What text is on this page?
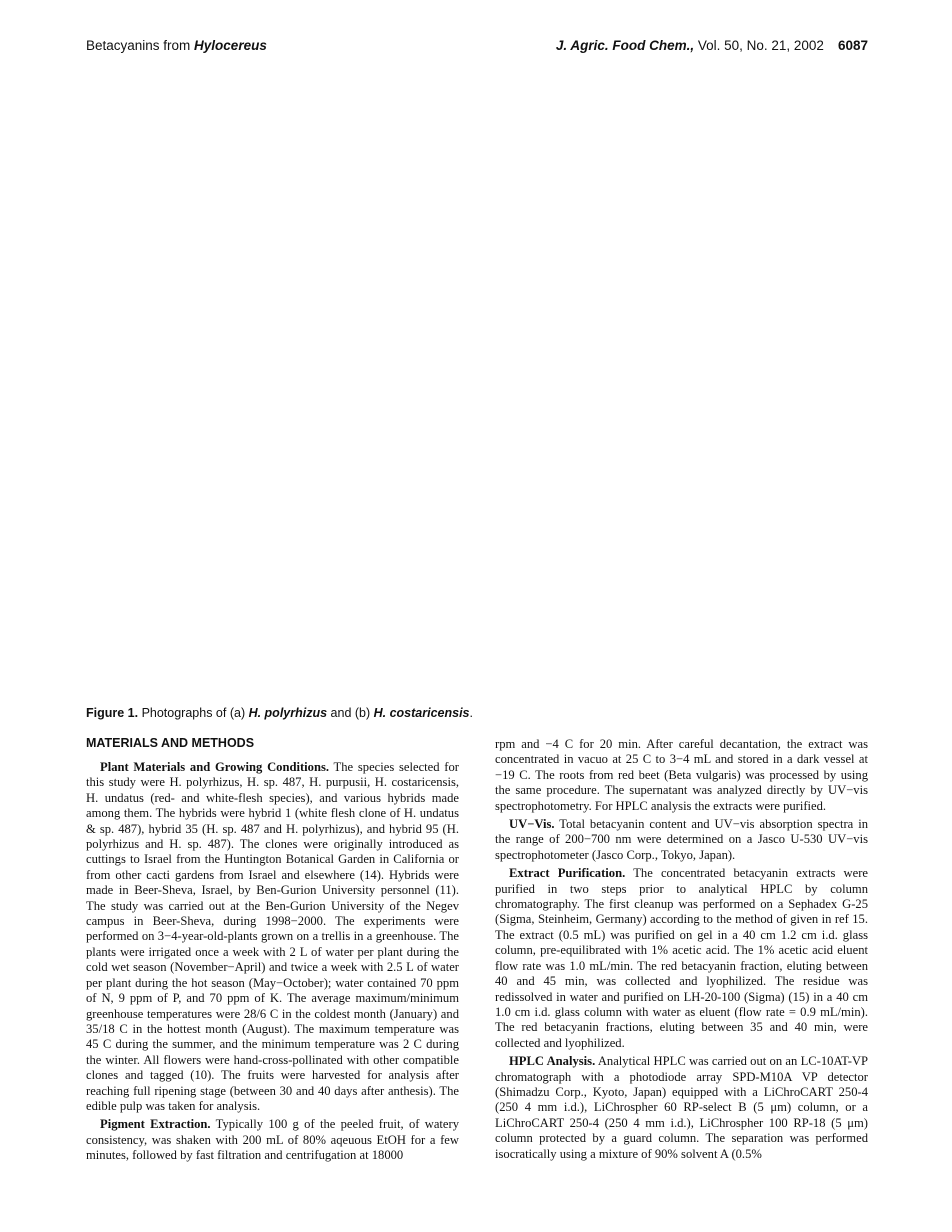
Betacyanins from Hylocereus	J. Agric. Food Chem., Vol. 50, No. 21, 2002 6087
Figure 1. Photographs of (a) H. polyrhizus and (b) H. costaricensis.
MATERIALS AND METHODS

Plant Materials and Growing Conditions. The species selected for this study were H. polyrhizus, H. sp. 487, H. purpusii, H. costaricensis, H. undatus (red- and white-flesh species), and various hybrids made among them. The hybrids were hybrid 1 (white flesh clone of H. undatus & sp. 487), hybrid 35 (H. sp. 487 and H. polyrhizus), and hybrid 95 (H. polyrhizus and H. sp. 487). The clones were originally introduced as cuttings to Israel from the Huntington Botanical Garden in California or from other cacti gardens from Israel and elsewhere (14). Hybrids were made in Beer-Sheva, Israel, by Ben-Gurion University personnel (11). The study was carried out at the Ben-Gurion University of the Negev campus in Beer-Sheva, during 1998−2000. The experiments were performed on 3−4-year-old-plants grown on a trellis in a greenhouse. The plants were irrigated once a week with 2 L of water per plant during the cold wet season (November−April) and twice a week with 2.5 L of water per plant during the hot season (May−October); water contained 70 ppm of N, 9 ppm of P, and 70 ppm of K. The average maximum/minimum greenhouse temperatures were 28/6 C in the coldest month (January) and 35/18 C in the hottest month (August). The maximum temperature was 45 C during the summer, and the minimum temperature was 2 C during the winter. All flowers were hand-cross-pollinated with other compatible clones and tagged (10). The fruits were harvested for analysis after reaching full ripening stage (between 30 and 40 days after anthesis). The edible pulp was taken for analysis.

Pigment Extraction. Typically 100 g of the peeled fruit, of watery consistency, was shaken with 200 mL of 80% aqeuous EtOH for a few minutes, followed by fast filtration and centrifugation at 18000

rpm and −4 C for 20 min. After careful decantation, the extract was concentrated in vacuo at 25 C to 3−4 mL and stored in a dark vessel at −19 C. The roots from red beet (Beta vulgaris) was processed by using the same procedure. The supernatant was analyzed directly by UV−vis spectrophotometry. For HPLC analysis the extracts were purified.

UV−Vis. Total betacyanin content and UV−vis absorption spectra in the range of 200−700 nm were determined on a Jasco U-530 UV−vis spectrophotometer (Jasco Corp., Tokyo, Japan).

Extract Purification. The concentrated betacyanin extracts were purified in two steps prior to analytical HPLC by column chromatography. The first cleanup was performed on a Sephadex G-25 (Sigma, Steinheim, Germany) according to the method of given in ref 15. The extract (0.5 mL) was purified on gel in a 40 cm 1.2 cm i.d. glass column, pre-equilibrated with 1% acetic acid. The 1% acetic acid eluent flow rate was 1.0 mL/min. The red betacyanin fraction, eluting between 40 and 45 min, was collected and lyophilized. The residue was redissolved in water and purified on LH-20-100 (Sigma) (15) in a 40 cm 1.0 cm i.d. glass column with water as eluent (flow rate = 0.9 mL/min). The red betacyanin fractions, eluting between 35 and 40 min, were collected and lyophilized.

HPLC Analysis. Analytical HPLC was carried out on an LC-10AT-VP chromatograph with a photodiode array SPD-M10A VP detector (Shimadzu Corp., Kyoto, Japan) equipped with a LiChroCART 250-4 (250 4 mm i.d.), LiChrospher 60 RP-select B (5 μm) column, or a LiChroCART 250-4 (250 4 mm i.d.), LiChrospher 100 RP-18 (5 μm) column protected by a guard column. The separation was performed isocratically using a mixture of 90% solvent A (0.5%
